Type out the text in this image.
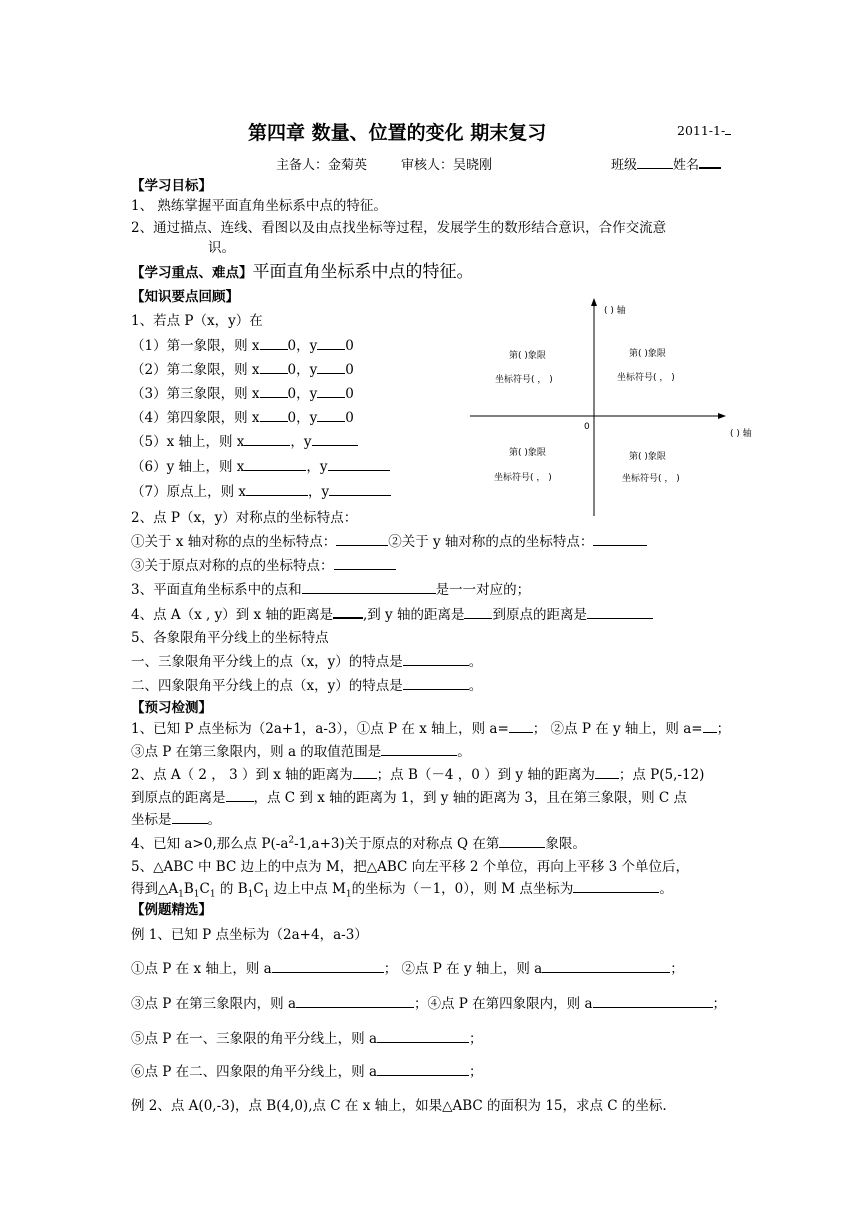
第四章 数量、位置的变化 期末复习	2011-1-
主备人：金菊英	审核人：吴晓刚	班级	姓名
【学习目标】
1、 熟练掌握平面直角坐标系中点的特征。
2、通过描点、连线、看图以及由点找坐标等过程，发展学生的数形结合意识，合作交流意
识。
【学习重点、难点】平面直角坐标系中点的特征。
【知识要点回顾】
1、若点 P（x，y）在
（1）第一象限，则 x 0，y 0
（2）第二象限，则 x 0，y 0
（3）第三象限，则 x 0，y 0
（4）第四象限，则 x 0，y 0
（5）x 轴上，则 x	，y
（6）y 轴上，则 x	，y
（7）原点上，则 x	，y
( ) 轴
( ) 轴
0
第( )象限
坐标符号( ， )
第( )象限
坐标符号( ， )
第( )象限
坐标符号( ， )
第( )象限
坐标符号( ， )
2、点 P（x，y）对称点的坐标特点：
①关于 x 轴对称的点的坐标特点：	②关于 y 轴对称的点的坐标特点：
③关于原点对称的点的坐标特点：
3、平面直角坐标系中的点和	是一一对应的；
4、点 A（x , y）到 x 轴的距离是 ,到 y 轴的距离是 到原点的距离是
5、各象限角平分线上的坐标特点
一、三象限角平分线上的点（x，y）的特点是	。
二、四象限角平分线上的点（x，y）的特点是	。
【预习检测】
1、已知 P 点坐标为（2a+1，a-3），①点 P 在 x 轴上，则 a= ； ②点 P 在 y 轴上，则 a= ；
③点 P 在第三象限内，则 a 的取值范围是	。
2、点 A（ 2 ， 3 ）到 x 轴的距离为 ；点 B（－4 ，0 ）到 y 轴的距离为 ；点 P(5,-12)
到原点的距离是 ，点 C 到 x 轴的距离为 1，到 y 轴的距离为 3，且在第三象限，则 C 点
坐标是	。
4、已知 a>0,那么点 $P(-a^2-1,a+3)$关于原点的对称点 Q 在第	象限。
5、△ABC 中 BC 边上的中点为 M，把△ABC 向左平移 2 个单位，再向上平移 3 个单位后，
得到$\triangle A_1B_1C_1$ 的 $B_1C_1$ 边上中点 $M_1$的坐标为（－1，0），则 M 点坐标为	。
【例题精选】
例 1、已知 P 点坐标为（2a+4，a-3）
①点 P 在 x 轴上，则 a	； ②点 P 在 y 轴上，则 a	；
③点 P 在第三象限内，则 a	；④点 P 在第四象限内，则 a	；
⑤点 P 在一、三象限的角平分线上，则 a	；
⑥点 P 在二、四象限的角平分线上，则 a	；
例 2、点 A(0,-3)，点 B(4,0),点 C 在 x 轴上，如果△ABC 的面积为 15，求点 C 的坐标.
